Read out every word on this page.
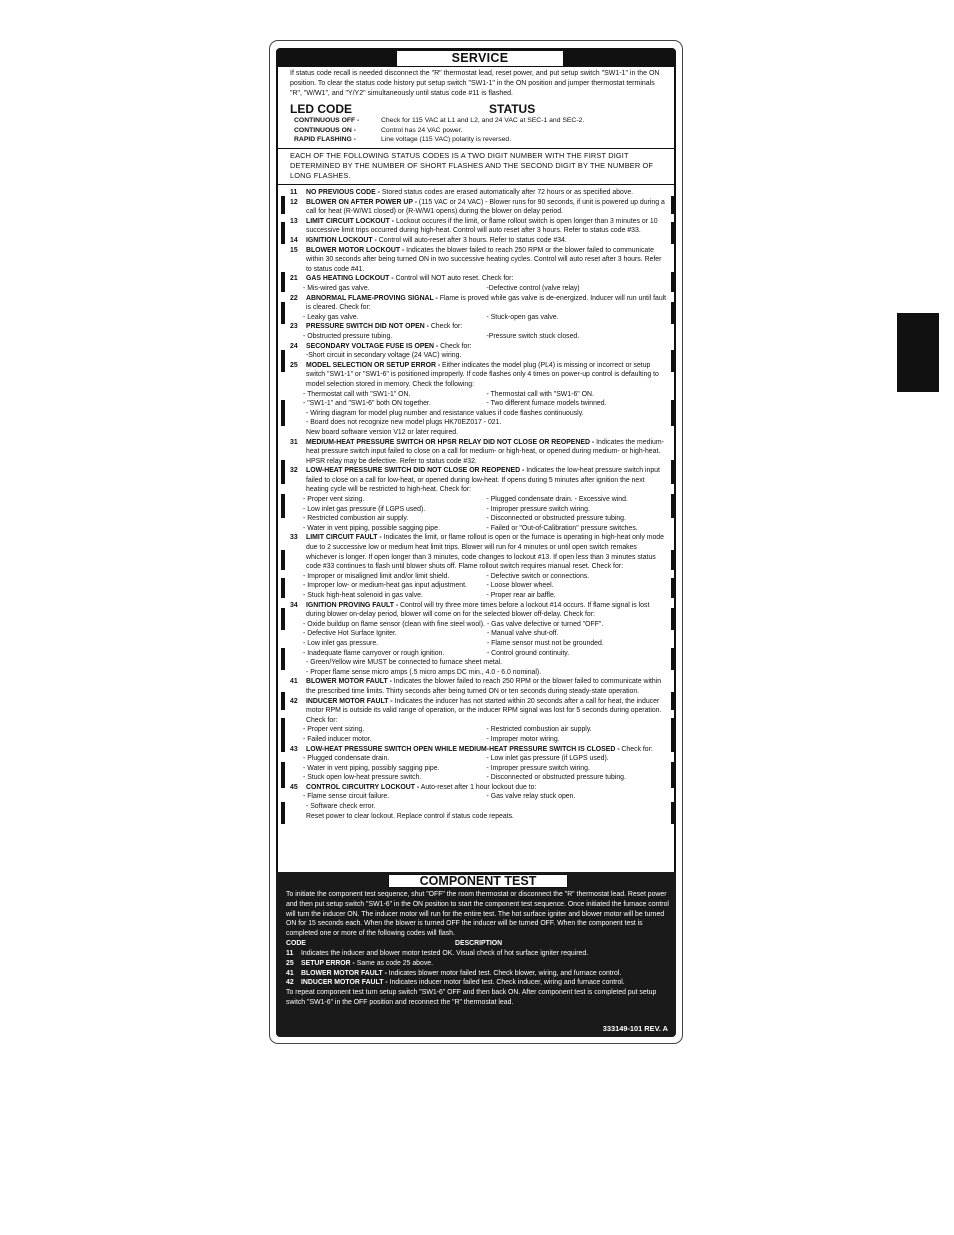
SERVICE
If status code recall is needed disconnect the "R" thermostat lead, reset power, and put setup switch "SW1-1" in the ON position. To clear the status code history put setup switch "SW1-1" in the ON position and jumper thermostat terminals "R", "W/W1", and "Y/Y2" simultaneously until status code #11 is flashed.
LED CODE	STATUS
CONTINUOUS OFF -	Check for 115 VAC at L1 and L2, and 24 VAC at SEC-1 and SEC-2.
CONTINUOUS ON -	Control has 24 VAC power.
RAPID FLASHING -	Line voltage (115 VAC) polarity is reversed.
EACH OF THE FOLLOWING STATUS CODES IS A TWO DIGIT NUMBER WITH THE FIRST DIGIT DETERMINED BY THE NUMBER OF SHORT FLASHES AND THE SECOND DIGIT BY THE NUMBER OF LONG FLASHES.
11 NO PREVIOUS CODE - Stored status codes are erased automatically after 72 hours or as specified above.
12 BLOWER ON AFTER POWER UP - (115 VAC or 24 VAC) - Blower runs for 90 seconds, if unit is powered up during a call for heat (R-W/W1 closed) or (R-W/W1 opens) during the blower on delay period.
13 LIMIT CIRCUIT LOCKOUT - Lockout occures if the limit, or flame rollout switch is open longer than 3 minutes or 10 successive limit trips occurred during high-heat. Control will auto reset after 3 hours. Refer to status code #33.
14 IGNITION LOCKOUT - Control will auto-reset after 3 hours. Refer to status code #34.
15 BLOWER MOTOR LOCKOUT - Indicates the blower failed to reach 250 RPM or the blower failed to communicate within 30 seconds after being turned ON in two successive heating cycles. Control will auto reset after 3 hours. Refer to status code #41.
21 GAS HEATING LOCKOUT - Control will NOT auto reset. Check for:
- Mis-wired gas valve.	-Defective control (valve relay)
22 ABNORMAL FLAME-PROVING SIGNAL - Flame is proved while gas valve is de-energized. Inducer will run until fault is cleared. Check for:
- Leaky gas valve.	- Stuck-open gas valve.
23 PRESSURE SWITCH DID NOT OPEN - Check for:
- Obstructed pressure tubing.	-Pressure switch stuck closed.
24 SECONDARY VOLTAGE FUSE IS OPEN - Check for:
-Short circuit in secondary voltage (24 VAC) wiring.
25 MODEL SELECTION OR SETUP ERROR - Either indicates the model plug (PL4) is missing or incorrect or setup switch "SW1-1" or "SW1-6" is positioned improperly. If code flashes only 4 times on power-up control is defaulting to model selection stored in memory. Check the following:
- Thermostat call with "SW1-1" ON.	- Thermostat call with "SW1-6" ON.
- "SW1-1" and "SW1-6" both ON together.	- Two different furnace models twinned.
- Wiring diagram for model plug number and resistance values if code flashes continuously.
- Board does not recognize new model plugs HK70EZ017 - 021.
New board software version V12 or later required.
31 MEDIUM-HEAT PRESSURE SWITCH OR HPSR RELAY DID NOT CLOSE OR REOPENED - Indicates the medium-heat pressure switch input failed to close on a call for medium- or high-heat, or opened during medium- or high-heat. HPSR relay may be defective. Refer to status code #32.
32 LOW-HEAT PRESSURE SWITCH DID NOT CLOSE OR REOPENED - Indicates the low-heat pressure switch input failed to close on a call for low-heat, or opened during low-heat. If opens during 5 minutes after ignition the next heating cycle will be restricted to high-heat. Check for:
- Proper vent sizing.	- Plugged condensate drain. - Excessive wind.
- Low inlet gas pressure (if LGPS used).	- Improper pressure switch wiring.
- Restricted combustion air supply.	- Disconnected or obstructed pressure tubing.
- Water in vent piping, possible sagging pipe.	- Failed or "Out-of-Calibration" pressure switches.
33 LIMIT CIRCUIT FAULT - Indicates the limit, or flame rollout is open or the furnace is operating in high-heat only mode due to 2 successive low or medium heat limit trips. Blower will run for 4 minutes or until open switch remakes whichever is longer. If open longer than 3 minutes, code changes to lockout #13. If open less than 3 minutes status code #33 continues to flash until blower shuts off. Flame rollout switch requires manual reset. Check for:
- Improper or misaligned limit and/or limit shield.	- Defective switch or connections.
- Improper low- or medium-heat gas input adjustment.	- Loose blower wheel.
- Stuck high-heat solenoid in gas valve.	- Proper rear air baffle.
34 IGNITION PROVING FAULT - Control will try three more times before a lockout #14 occurs. If flame signal is lost during blower on-delay period, blower will come on for the selected blower off-delay. Check for:
- Oxide buildup on flame sensor (clean with fine steel wool). - Gas valve defective or turned "OFF".
- Defective Hot Surface Igniter.	- Manual valve shut-off.
- Low inlet gas pressure.	- Flame sensor must not be grounded.
- Inadequate flame carryover or rough ignition.	- Control ground continuity.
- Green/Yellow wire MUST be connected to furnace sheet metal.
- Proper flame sense micro amps (.5 micro amps DC min., 4.0 - 6.0 nominal).
41 BLOWER MOTOR FAULT - Indicates the blower failed to reach 250 RPM or the blower failed to communicate within the prescribed time limits. Thirty seconds after being turned ON or ten seconds during steady-state operation.
42 INDUCER MOTOR FAULT - Indicates the inducer has not started within 20 seconds after a call for heat, the inducer motor RPM is outside its valid range of operation, or the inducer RPM signal was lost for 5 seconds during operation. Check for:
- Proper vent sizing.	- Restricted combustion air supply.
- Failed inducer motor.	- Improper motor wiring.
43 LOW-HEAT PRESSURE SWITCH OPEN WHILE MEDIUM-HEAT PRESSURE SWITCH IS CLOSED - Check for:
- Plugged condensate drain.	- Low inlet gas pressure (if LGPS used).
- Water in vent piping, possibly sagging pipe.	- Improper pressure switch wiring.
- Stuck open low-heat pressure switch.	- Disconnected or obstructed pressure tubing.
45 CONTROL CIRCUITRY LOCKOUT - Auto-reset after 1 hour lockout due to:
- Flame sense circuit failure.	- Gas valve relay stuck open.
- Software check error.
Reset power to clear lockout. Replace control if status code repeats.
COMPONENT TEST
To initiate the component test sequence, shut "OFF" the room thermostat or disconnect the "R" thermostat lead. Reset power and then put setup switch "SW1-6" in the ON position to start the component test sequence. Once initiated the furnace control will turn the inducer ON. The inducer motor will run for the entire test. The hot surface igniter and blower motor will be turned ON for 15 seconds each. When the blower is turned OFF the inducer will be turned OFF. When the component test is completed one or more of the following codes will flash.
CODE	DESCRIPTION
11 Indicates the inducer and blower motor tested OK. Visual check of hot surface igniter required.
25 SETUP ERROR - Same as code 25 above.
41 BLOWER MOTOR FAULT - Indicates blower motor failed test. Check blower, wiring, and furnace control.
42 INDUCER MOTOR FAULT - Indicates inducer motor failed test. Check inducer, wiring and furnace control.
To repeat component test turn setup switch "SW1-6" OFF and then back ON. After component test is completed put setup switch "SW1-6" in the OFF position and reconnect the "R" thermostat lead.
333149-101 REV. A
